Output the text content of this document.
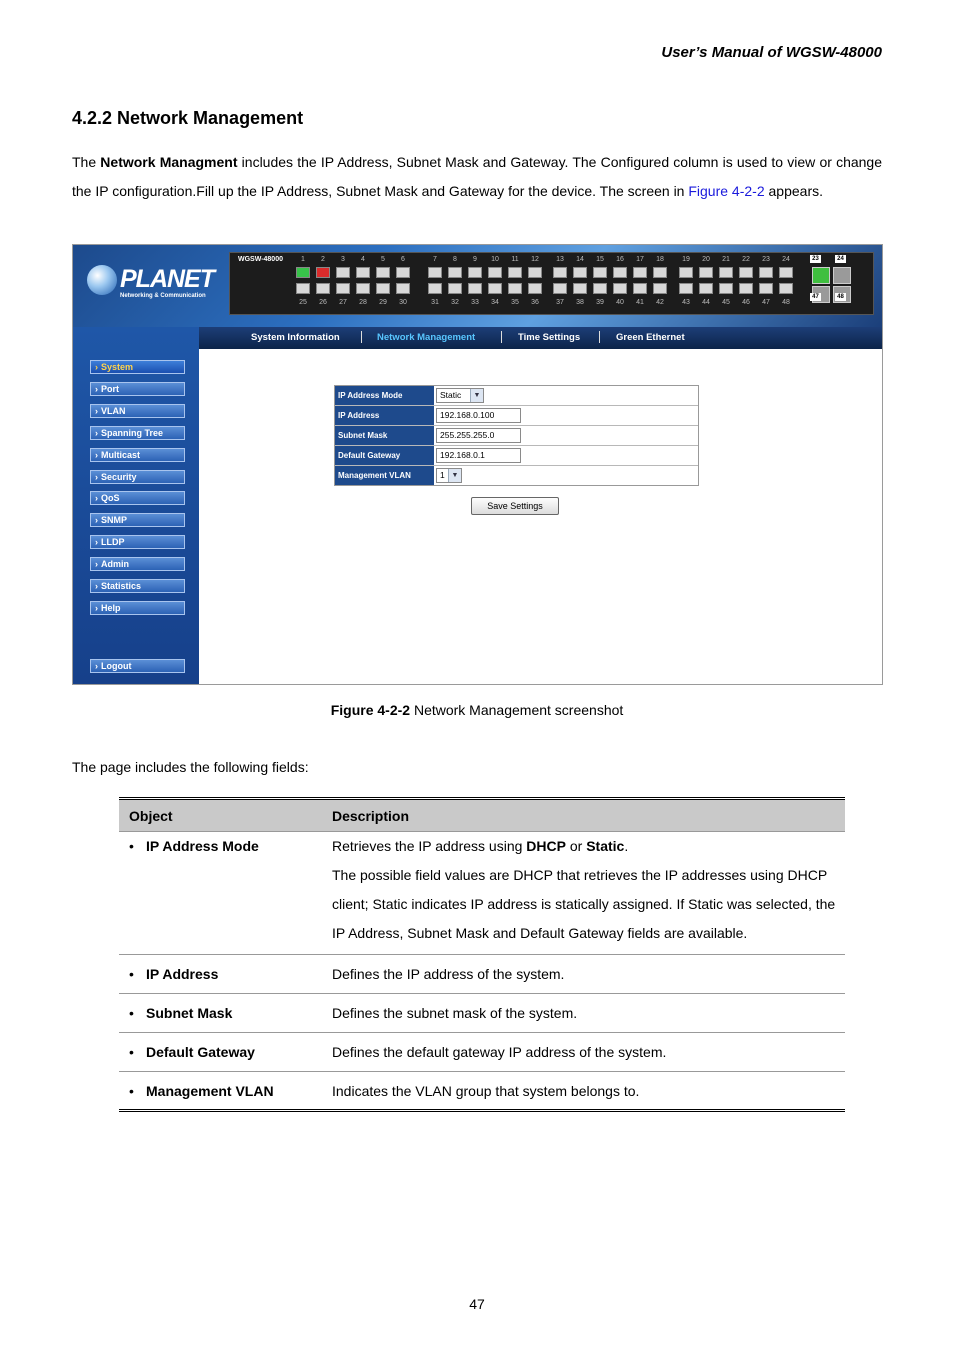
User’s Manual of WGSW-48000
4.2.2 Network Management
The Network Managment includes the IP Address, Subnet Mask and Gateway. The Configured column is used to view or change the IP configuration.Fill up the IP Address, Subnet Mask and Gateway for the device. The screen in Figure 4-2-2 appears.
PLANET
Networking & Communication
WGSW-48000	1
25
2
26
3
27
4
28
5
29
6
30
7
31
8
32
9
33
10
34
11
35
12
36
13
37
14
38
15
39
16
40
17
41
18
42
19
43
20
44
21
45
22
46
23
47
24
48
23	24
47	48
› System
› Port
› VLAN
› Spanning Tree
› Multicast
› Security
› QoS
› SNMP
› LLDP
› Admin
› Statistics
› Help
› Logout
System Information	Network Management	Time Settings	Green Ethernet
IP Address Mode	Static	▼
IP Address	192.168.0.100
Subnet Mask	255.255.255.0
Default Gateway	192.168.0.1
Management VLAN	1 ▼
Save Settings
Figure 4-2-2 Network Management screenshot
The page includes the following fields:
Object	Description

• IP Address Mode	Retrieves the IP address using DHCP or Static.
The possible field values are DHCP that retrieves the IP addresses using DHCP
client; Static indicates IP address is statically assigned. If Static was selected, the
IP Address, Subnet Mask and Default Gateway fields are available.

• IP Address	Defines the IP address of the system.
• Subnet Mask	Defines the subnet mask of the system.
• Default Gateway	Defines the default gateway IP address of the system.
• Management VLAN	Indicates the VLAN group that system belongs to.
47
